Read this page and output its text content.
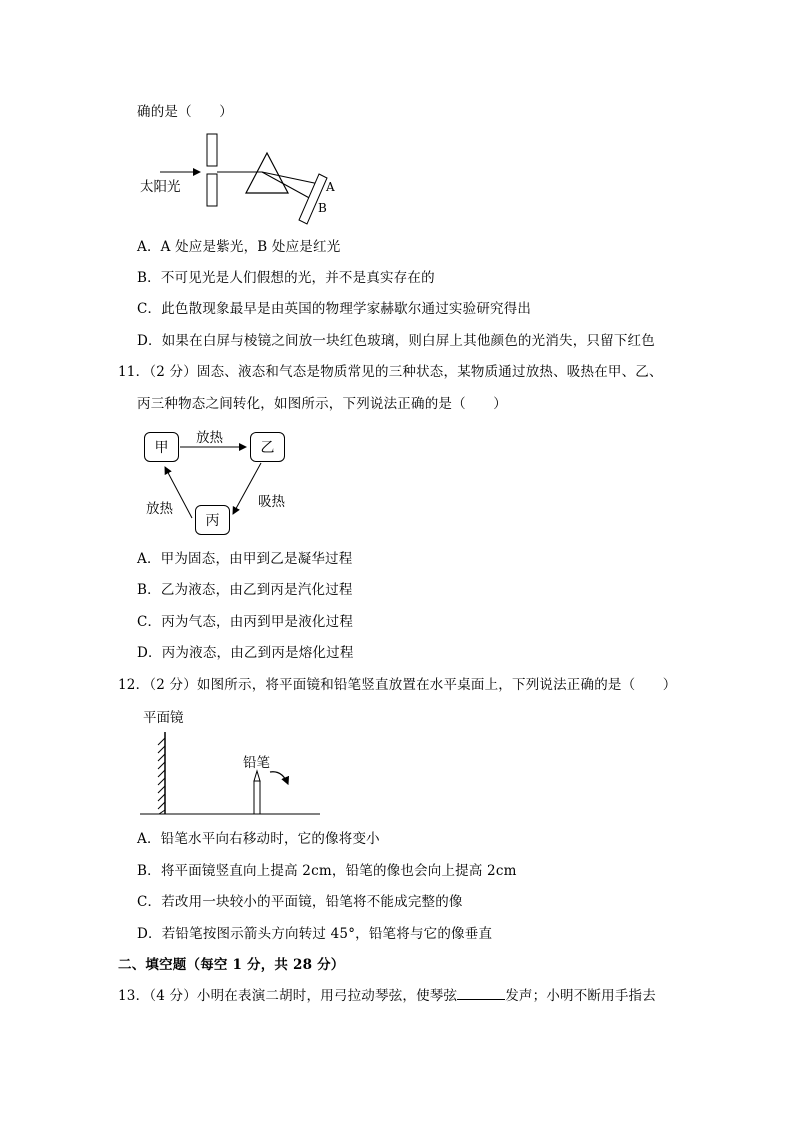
确的是（　　）
太阳光	A
B
A．A 处应是紫光，B 处应是红光
B．不可见光是人们假想的光，并不是真实存在的
C．此色散现象最早是由英国的物理学家赫歇尔通过实验研究得出
D．如果在白屏与棱镜之间放一块红色玻璃，则白屏上其他颜色的光消失，只留下红色
11．（2 分）固态、液态和气态是物质常见的三种状态，某物质通过放热、吸热在甲、乙、
丙三种物态之间转化，如图所示，下列说法正确的是（　　）
甲	乙
丙
放热
吸热
放热
A．甲为固态，由甲到乙是凝华过程
B．乙为液态，由乙到丙是汽化过程
C．丙为气态，由丙到甲是液化过程
D．丙为液态，由乙到丙是熔化过程
12．（2 分）如图所示，将平面镜和铅笔竖直放置在水平桌面上，下列说法正确的是（　　）
平面镜
铅笔
A．铅笔水平向右移动时，它的像将变小
B．将平面镜竖直向上提高 2cm，铅笔的像也会向上提高 2cm
C．若改用一块较小的平面镜，铅笔将不能成完整的像
D．若铅笔按图示箭头方向转过 45°，铅笔将与它的像垂直
二、填空题（每空 1 分，共 28 分）
13．（4 分）小明在表演二胡时，用弓拉动琴弦，使琴弦	发声；小明不断用手指去
